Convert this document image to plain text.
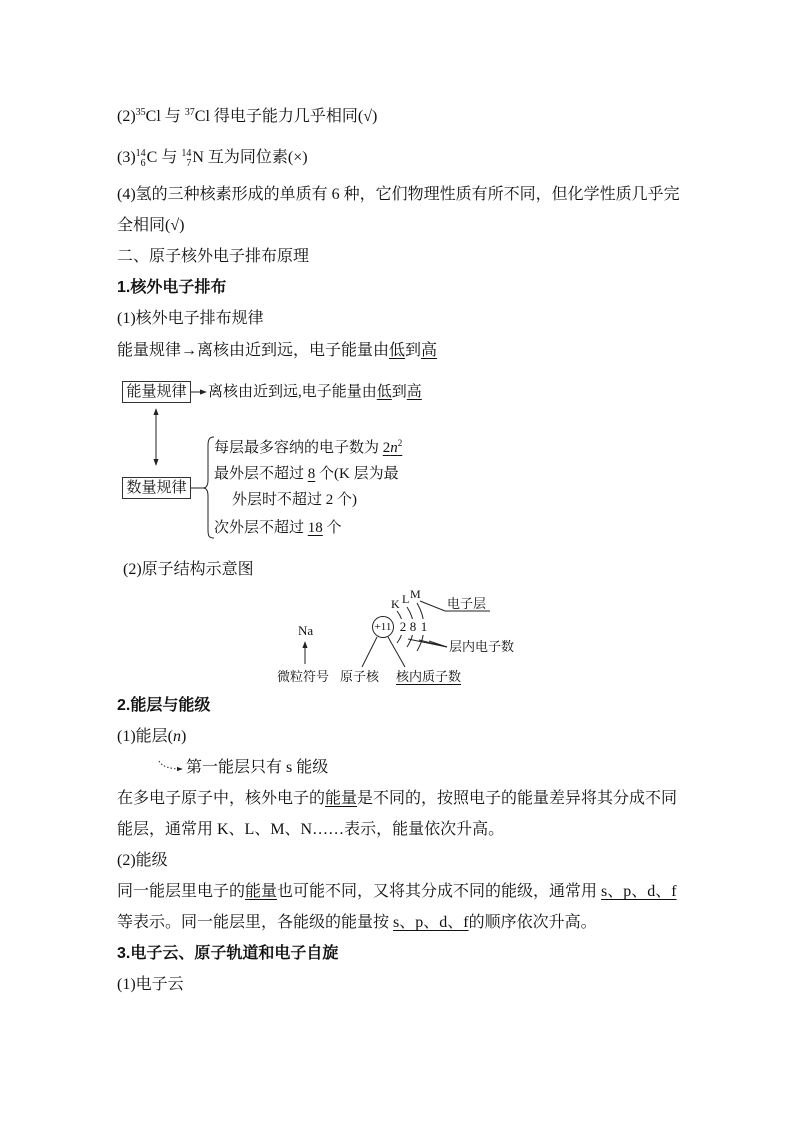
$(2)^{35}Cl$ 与 $^{37}$Cl 得电子能力几乎相同(√)
(3) 14
6 C 与 14
7 N 互为同位素(×)
(4)氢的三种核素形成的单质有 6 种，它们物理性质有所不同，但化学性质几乎完
全相同(√)
二、原子核外电子排布原理
1.核外电子排布
(1)核外电子排布规律
能量规律→离核由近到远，电子能量由低到高
能量规律	离核由近到远,电子能量由低到高
数量规律
每层最多容纳的电子数为 $2n^2$
最外层不超过 8 个(K 层为最
外层时不超过 2 个)
次外层不超过 18 个
(2)原子结构示意图
Na
微粒符号
+11 2 8 1
K L M
电子层
层内电子数
原子核 核内质子数
2.能层与能级
(1)能层(n)
第一能层只有 s 能级
在多电子原子中，核外电子的能量是不同的，按照电子的能量差异将其分成不同
能层，通常用 K、L、M、N……表示，能量依次升高。
(2)能级
同一能层里电子的能量也可能不同，又将其分成不同的能级，通常用 s、p、d、f
等表示。同一能层里，各能级的能量按 s、p、d、f的顺序依次升高。
3.电子云、原子轨道和电子自旋
(1)电子云
